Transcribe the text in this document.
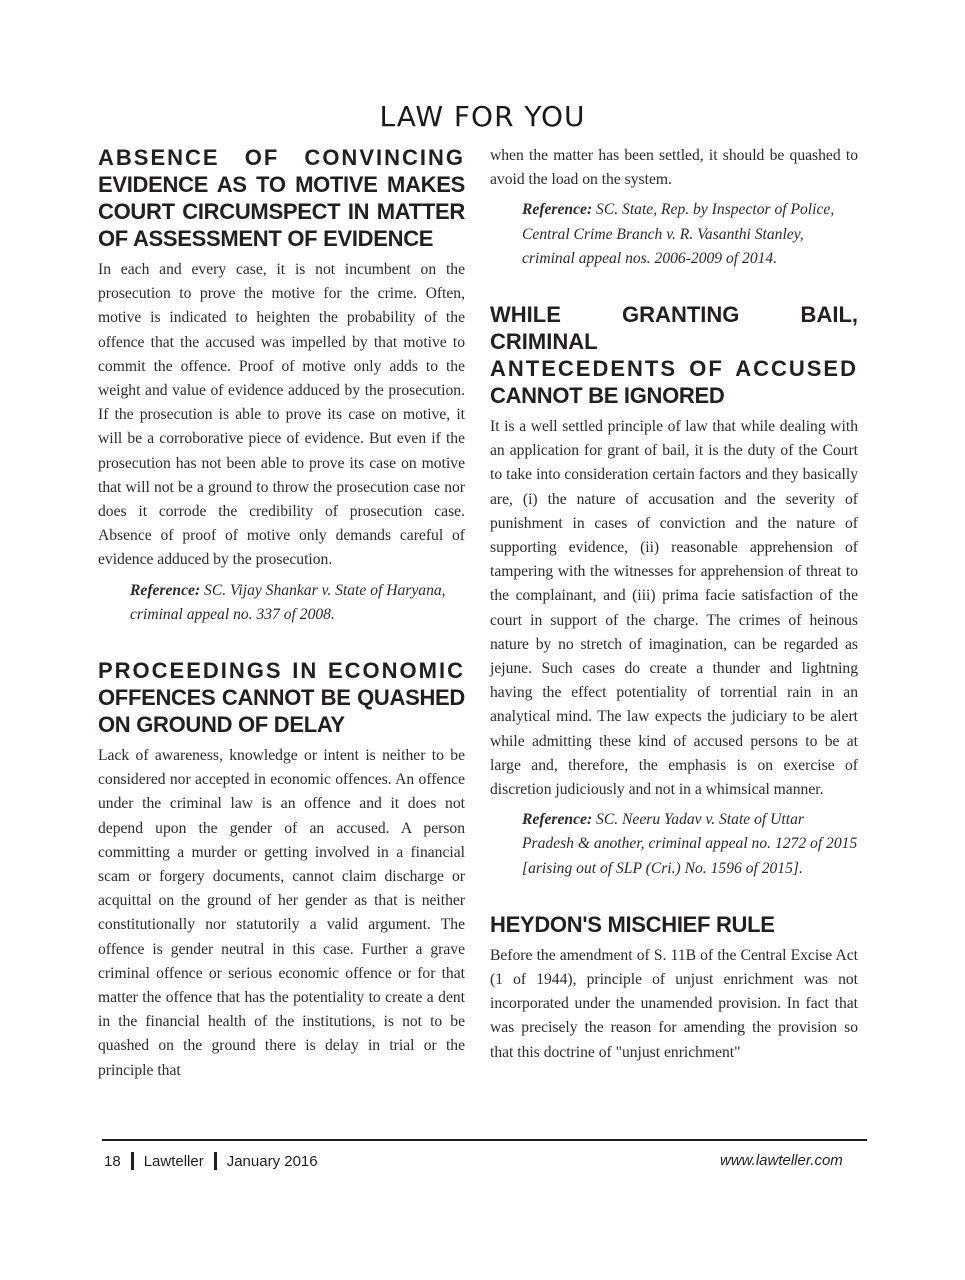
LAW FOR YOU
ABSENCE OF CONVINCING
EVIDENCE AS TO MOTIVE MAKES COURT CIRCUMSPECT IN MATTER OF ASSESSMENT OF EVIDENCE

In each and every case, it is not incumbent on the prosecution to prove the motive for the crime. Often, motive is indicated to heighten the probability of the offence that the accused was impelled by that motive to commit the offence. Proof of motive only adds to the weight and value of evidence adduced by the prosecution. If the prosecution is able to prove its case on motive, it will be a corroborative piece of evidence. But even if the prosecution has not been able to prove its case on motive that will not be a ground to throw the prosecution case nor does it corrode the credibility of prosecution case. Absence of proof of motive only demands careful of evidence adduced by the prosecution.

Reference: SC. Vijay Shankar v. State of Haryana, criminal appeal no. 337 of 2008.

PROCEEDINGS IN ECONOMIC
OFFENCES CANNOT BE QUASHED ON GROUND OF DELAY

Lack of awareness, knowledge or intent is neither to be considered nor accepted in economic offences. An offence under the criminal law is an offence and it does not depend upon the gender of an accused. A person committing a murder or getting involved in a financial scam or forgery documents, cannot claim discharge or acquittal on the ground of her gender as that is neither constitutionally nor statutorily a valid argument. The offence is gender neutral in this case. Further a grave criminal offence or serious economic offence or for that matter the offence that has the potentiality to create a dent in the financial health of the institutions, is not to be quashed on the ground there is delay in trial or the principle that

when the matter has been settled, it should be quashed to avoid the load on the system.

Reference: SC. State, Rep. by Inspector of Police, Central Crime Branch v. R. Vasanthi Stanley, criminal appeal nos. 2006-2009 of 2014.

WHILE GRANTING BAIL, CRIMINAL
ANTECEDENTS OF ACCUSED
CANNOT BE IGNORED

It is a well settled principle of law that while dealing with an application for grant of bail, it is the duty of the Court to take into consideration certain factors and they basically are, (i) the nature of accusation and the severity of punishment in cases of conviction and the nature of supporting evidence, (ii) reasonable apprehension of tampering with the witnesses for apprehension of threat to the complainant, and (iii) prima facie satisfaction of the court in support of the charge. The crimes of heinous nature by no stretch of imagination, can be regarded as jejune. Such cases do create a thunder and lightning having the effect potentiality of torrential rain in an analytical mind. The law expects the judiciary to be alert while admitting these kind of accused persons to be at large and, therefore, the emphasis is on exercise of discretion judiciously and not in a whimsical manner.

Reference: SC. Neeru Yadav v. State of Uttar Pradesh & another, criminal appeal no. 1272 of 2015 [arising out of SLP (Cri.) No. 1596 of 2015].

HEYDON'S MISCHIEF RULE

Before the amendment of S. 11B of the Central Excise Act (1 of 1944), principle of unjust enrichment was not incorporated under the unamended provision. In fact that was precisely the reason for amending the provision so that this doctrine of "unjust enrichment"

18 Lawteller January 2016	www.lawteller.com
